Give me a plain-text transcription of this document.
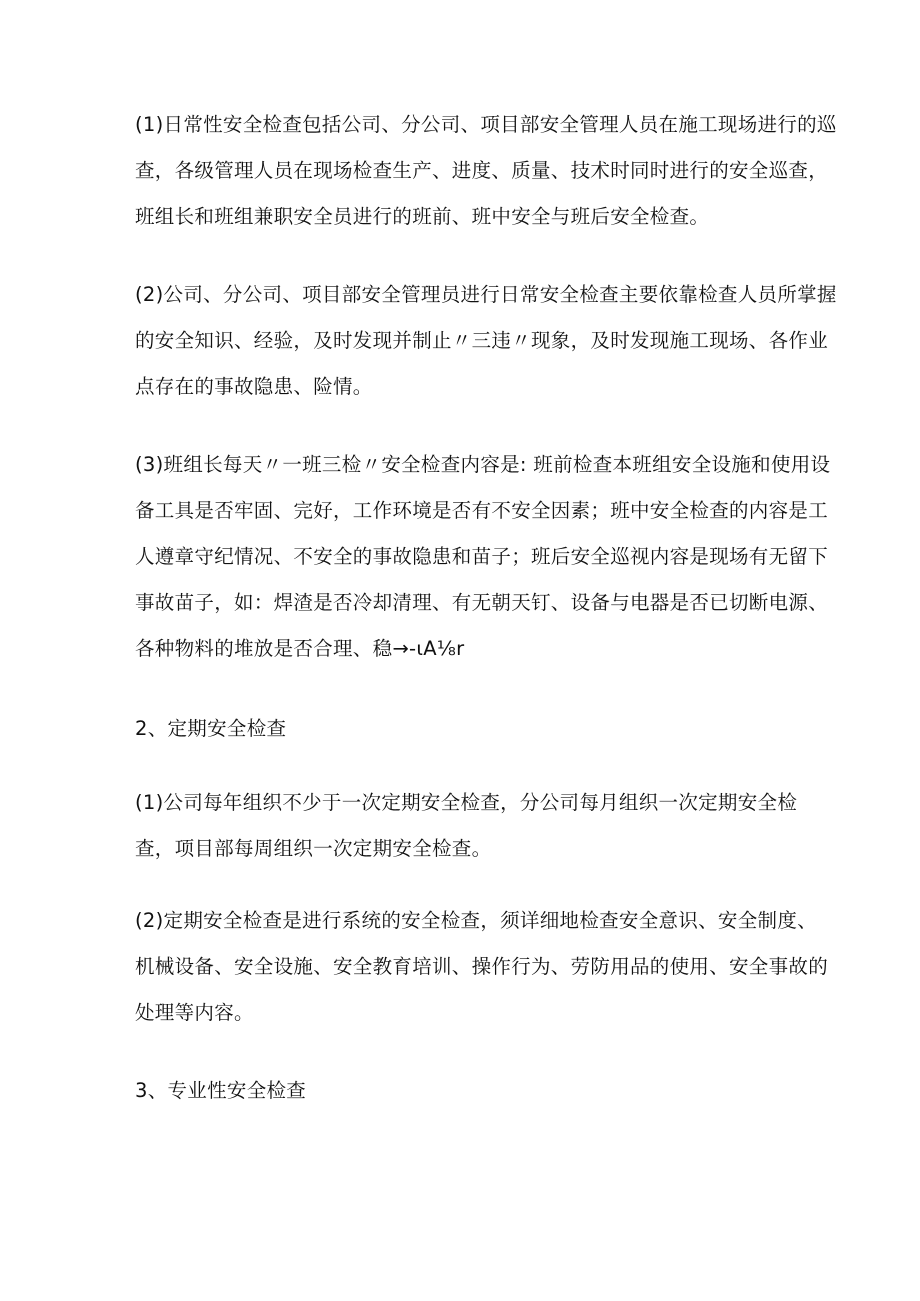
(1)日常性安全检查包括公司、分公司、项目部安全管理人员在施工现场进行的巡
查，各级管理人员在现场检查生产、进度、质量、技术时同时进行的安全巡查，
班组长和班组兼职安全员进行的班前、班中安全与班后安全检查。
(2)公司、分公司、项目部安全管理员进行日常安全检查主要依靠检查人员所掌握
的安全知识、经验，及时发现并制止〃三违〃现象，及时发现施工现场、各作业
点存在的事故隐患、险情。
(3)班组长每天〃一班三检〃安全检查内容是: 班前检查本班组安全设施和使用设
备工具是否牢固、完好，工作环境是否有不安全因素；班中安全检查的内容是工
人遵章守纪情况、不安全的事故隐患和苗子；班后安全巡视内容是现场有无留下
事故苗子，如：焊渣是否冷却清理、有无朝天钉、设备与电器是否已切断电源、
各种物料的堆放是否合理、稳→-ιA⅛r
2、定期安全检查
(1)公司每年组织不少于一次定期安全检查，分公司每月组织一次定期安全检
查，项目部每周组织一次定期安全检查。
(2)定期安全检查是进行系统的安全检查，须详细地检查安全意识、安全制度、
机械设备、安全设施、安全教育培训、操作行为、劳防用品的使用、安全事故的
处理等内容。
3、专业性安全检查
